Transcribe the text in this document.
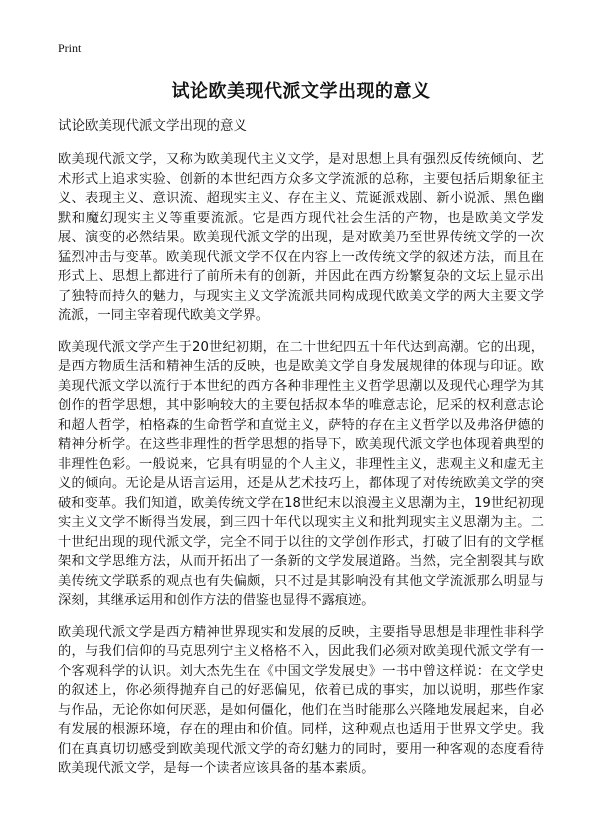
Print
试论欧美现代派文学出现的意义
试论欧美现代派文学出现的意义

欧美现代派文学，又称为欧美现代主义文学，是对思想上具有强烈反传统倾向、艺术形式上追求实验、创新的本世纪西方众多文学流派的总称，主要包括后期象征主义、表现主义、意识流、超现实主义、存在主义、荒诞派戏剧、新小说派、黑色幽默和魔幻现实主义等重要流派。它是西方现代社会生活的产物，也是欧美文学发展、演变的必然结果。欧美现代派文学的出现，是对欧美乃至世界传统文学的一次猛烈冲击与变革。欧美现代派文学不仅在内容上一改传统文学的叙述方法，而且在形式上、思想上都进行了前所未有的创新，并因此在西方纷繁复杂的文坛上显示出了独特而持久的魅力，与现实主义文学流派共同构成现代欧美文学的两大主要文学流派，一同主宰着现代欧美文学界。

欧美现代派文学产生于20世纪初期，在二十世纪四五十年代达到高潮。它的出现，是西方物质生活和精神生活的反映，也是欧美文学自身发展规律的体现与印证。欧美现代派文学以流行于本世纪的西方各种非理性主义哲学思潮以及现代心理学为其创作的哲学思想，其中影响较大的主要包括叔本华的唯意志论，尼采的权利意志论和超人哲学，柏格森的生命哲学和直觉主义，萨特的存在主义哲学以及弗洛伊德的精神分析学。在这些非理性的哲学思想的指导下，欧美现代派文学也体现着典型的非理性色彩。一般说来，它具有明显的个人主义，非理性主义，悲观主义和虚无主义的倾向。无论是从语言运用，还是从艺术技巧上，都体现了对传统欧美文学的突破和变革。我们知道，欧美传统文学在18世纪末以浪漫主义思潮为主，19世纪初现实主义文学不断得当发展，到三四十年代以现实主义和批判现实主义思潮为主。二十世纪出现的现代派文学，完全不同于以往的文学创作形式，打破了旧有的文学框架和文学思维方法，从而开拓出了一条新的文学发展道路。当然，完全割裂其与欧美传统文学联系的观点也有失偏颇，只不过是其影响没有其他文学流派那么明显与深刻，其继承运用和创作方法的借鉴也显得不露痕迹。

欧美现代派文学是西方精神世界现实和发展的反映，主要指导思想是非理性非科学的，与我们信仰的马克思列宁主义格格不入，因此我们必须对欧美现代派文学有一个客观科学的认识。刘大杰先生在《中国文学发展史》一书中曾这样说：在文学史的叙述上，你必须得抛弃自己的好恶偏见，依着已成的事实，加以说明，那些作家与作品，无论你如何厌恶，是如何僵化，他们在当时能那么兴隆地发展起来，自必有发展的根源环境，存在的理由和价值。同样，这种观点也适用于世界文学史。我们在真真切切感受到欧美现代派文学的奇幻魅力的同时，要用一种客观的态度看待欧美现代派文学，是每一个读者应该具备的基本素质。
